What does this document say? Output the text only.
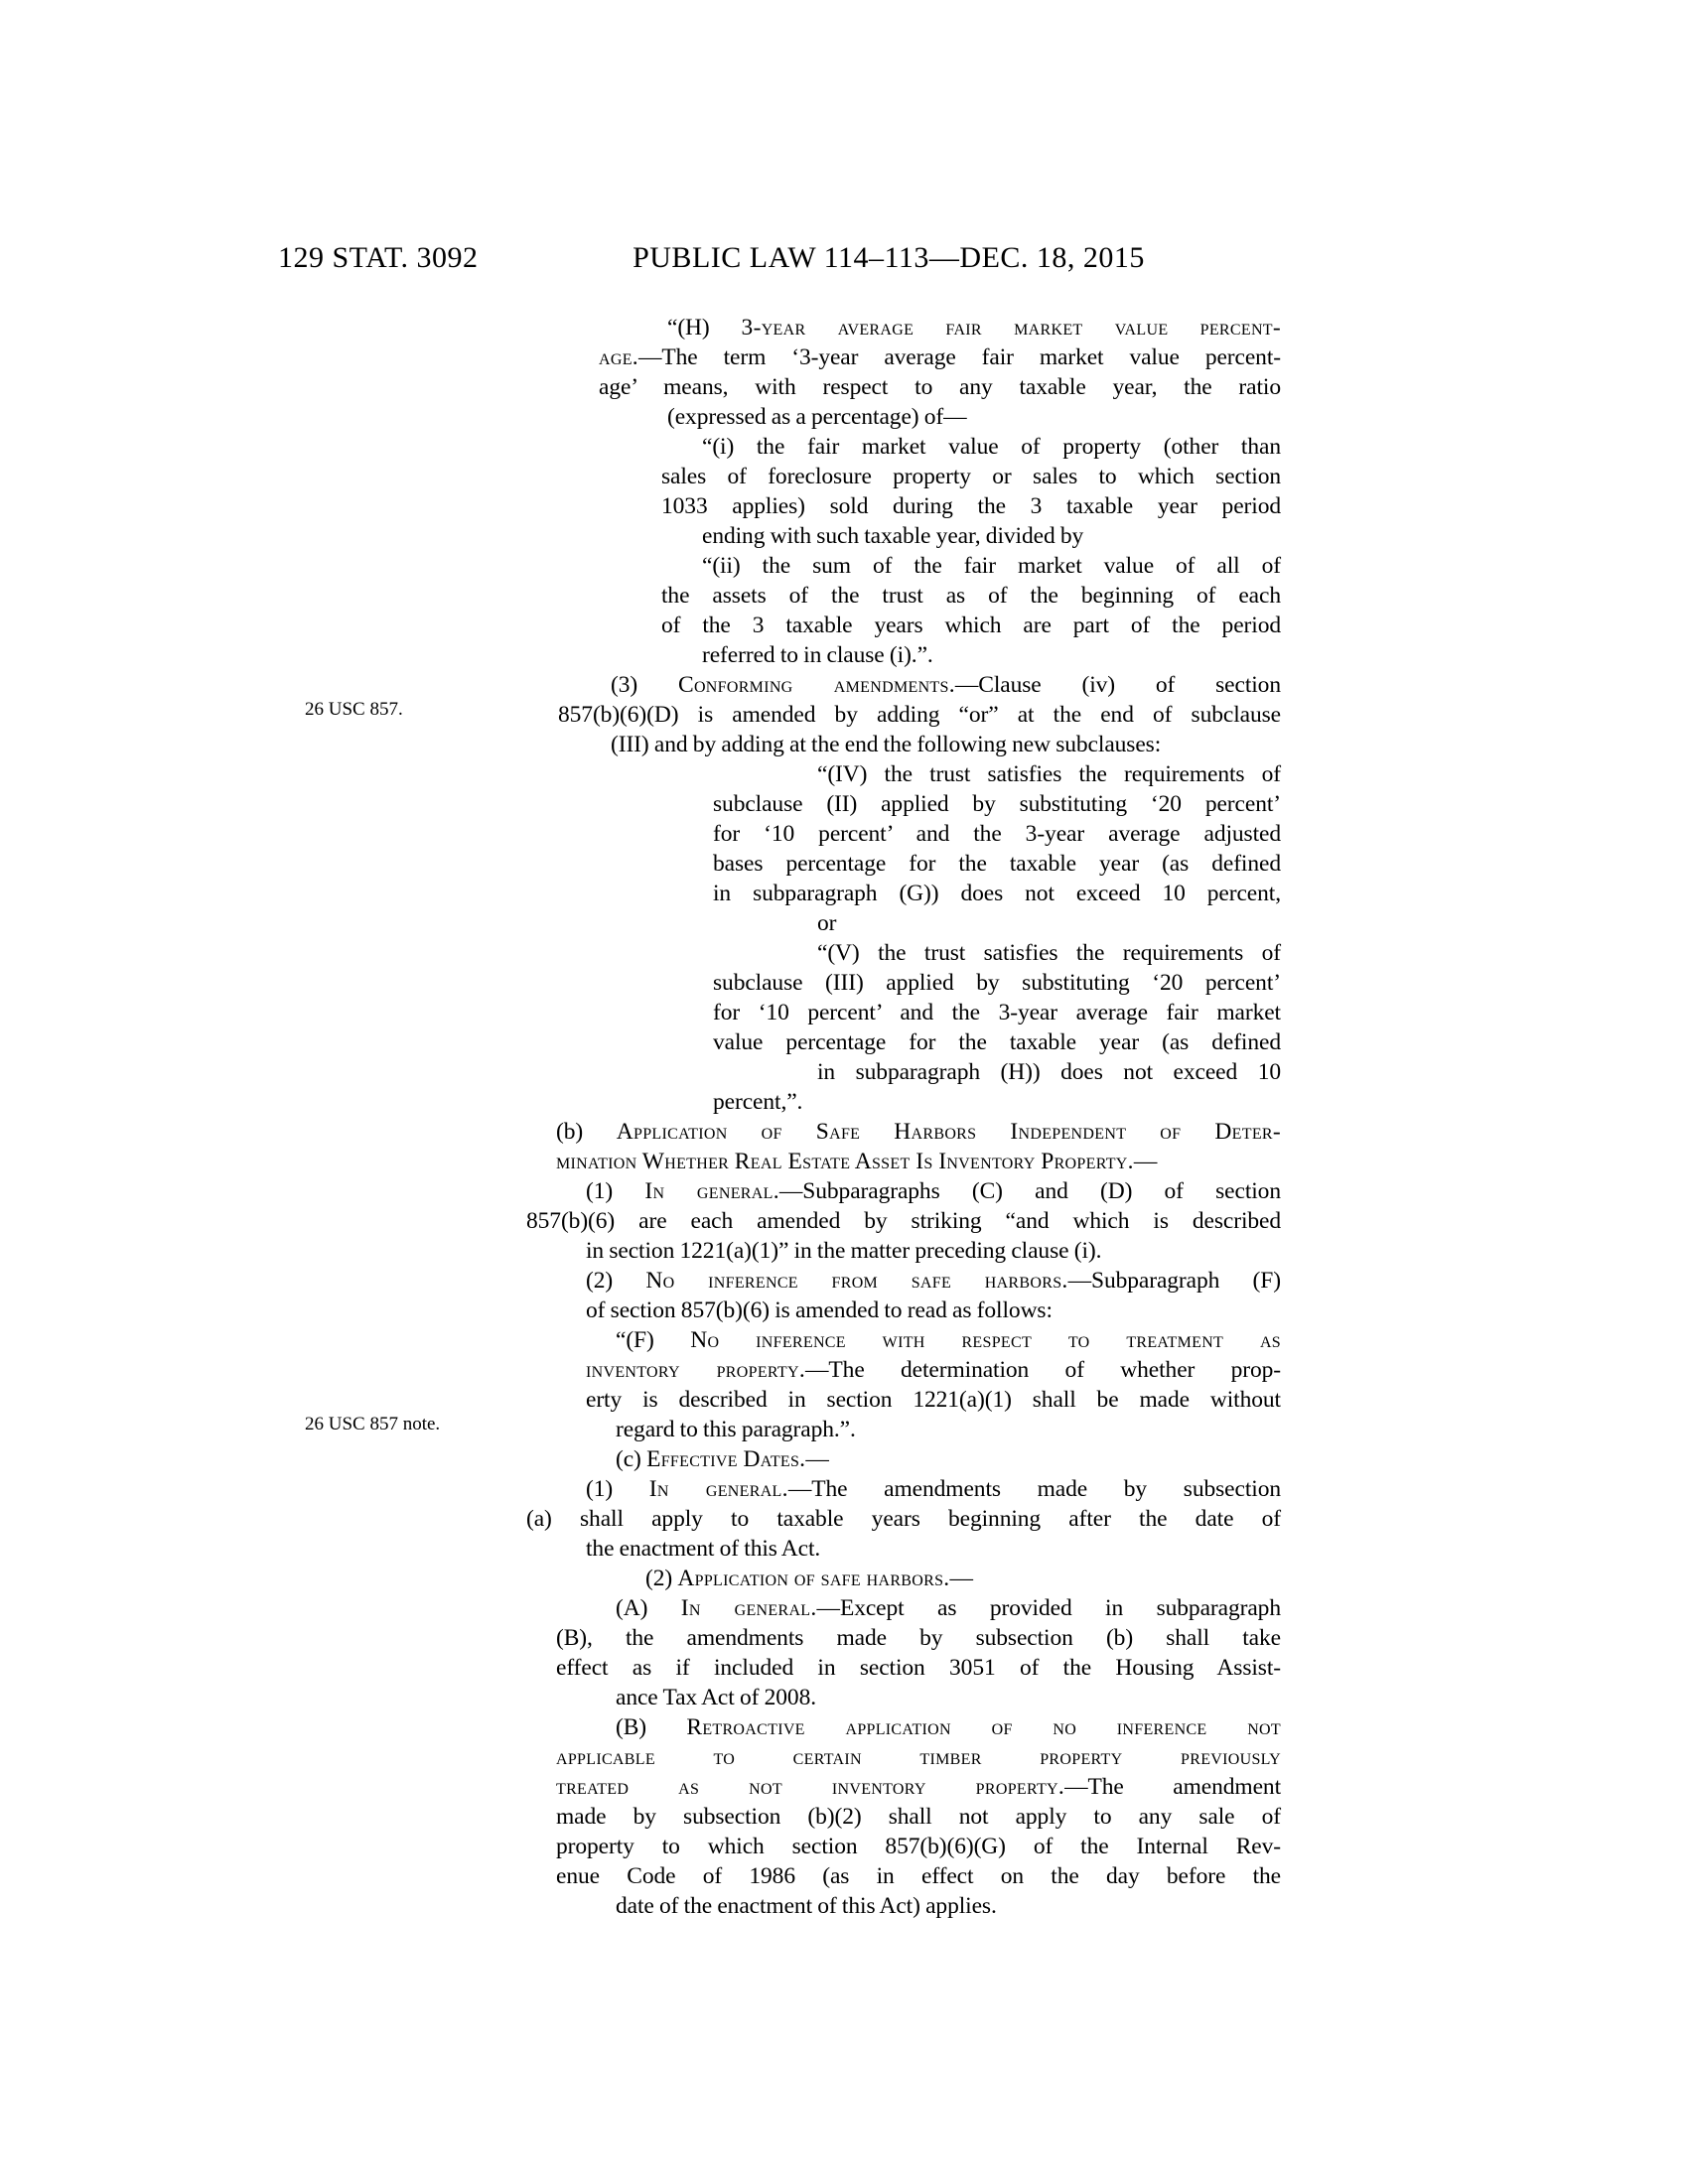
129 STAT. 3092	PUBLIC LAW 114–113—DEC. 18, 2015
26 USC 857.
26 USC 857 note.

“(H) 3-year average fair market value percent-
age.—The term ‘3-year average fair market value percent-
age’ means, with respect to any taxable year, the ratio
(expressed as a percentage) of—

“(i) the fair market value of property (other than
sales of foreclosure property or sales to which section
1033 applies) sold during the 3 taxable year period
ending with such taxable year, divided by

“(ii) the sum of the fair market value of all of
the assets of the trust as of the beginning of each
of the 3 taxable years which are part of the period
referred to in clause (i).”.

(3) Conforming amendments.—Clause (iv) of section
857(b)(6)(D) is amended by adding “or” at the end of subclause
(III) and by adding at the end the following new subclauses:

“(IV) the trust satisfies the requirements of
subclause (II) applied by substituting ‘20 percent’
for ‘10 percent’ and the 3-year average adjusted
bases percentage for the taxable year (as defined
in subparagraph (G)) does not exceed 10 percent,
or

“(V) the trust satisfies the requirements of
subclause (III) applied by substituting ‘20 percent’
for ‘10 percent’ and the 3-year average fair market
value percentage for the taxable year (as defined
in subparagraph (H)) does not exceed 10 percent,”.

(b) Application of Safe Harbors Independent of Deter-
mination Whether Real Estate Asset Is Inventory Property.—

(1) In general.—Subparagraphs (C) and (D) of section
857(b)(6) are each amended by striking “and which is described
in section 1221(a)(1)” in the matter preceding clause (i).

(2) No inference from safe harbors.—Subparagraph (F)
of section 857(b)(6) is amended to read as follows:

“(F) No inference with respect to treatment as
inventory property.—The determination of whether prop-
erty is described in section 1221(a)(1) shall be made without
regard to this paragraph.”.

(c) Effective Dates.—

(1) In general.—The amendments made by subsection
(a) shall apply to taxable years beginning after the date of
the enactment of this Act.

(2) Application of safe harbors.—

(A) In general.—Except as provided in subparagraph
(B), the amendments made by subsection (b) shall take
effect as if included in section 3051 of the Housing Assist-
ance Tax Act of 2008.

(B) Retroactive application of no inference not
applicable to certain timber property previously
treated as not inventory property.—The amendment
made by subsection (b)(2) shall not apply to any sale of
property to which section 857(b)(6)(G) of the Internal Rev-
enue Code of 1986 (as in effect on the day before the
date of the enactment of this Act) applies.
